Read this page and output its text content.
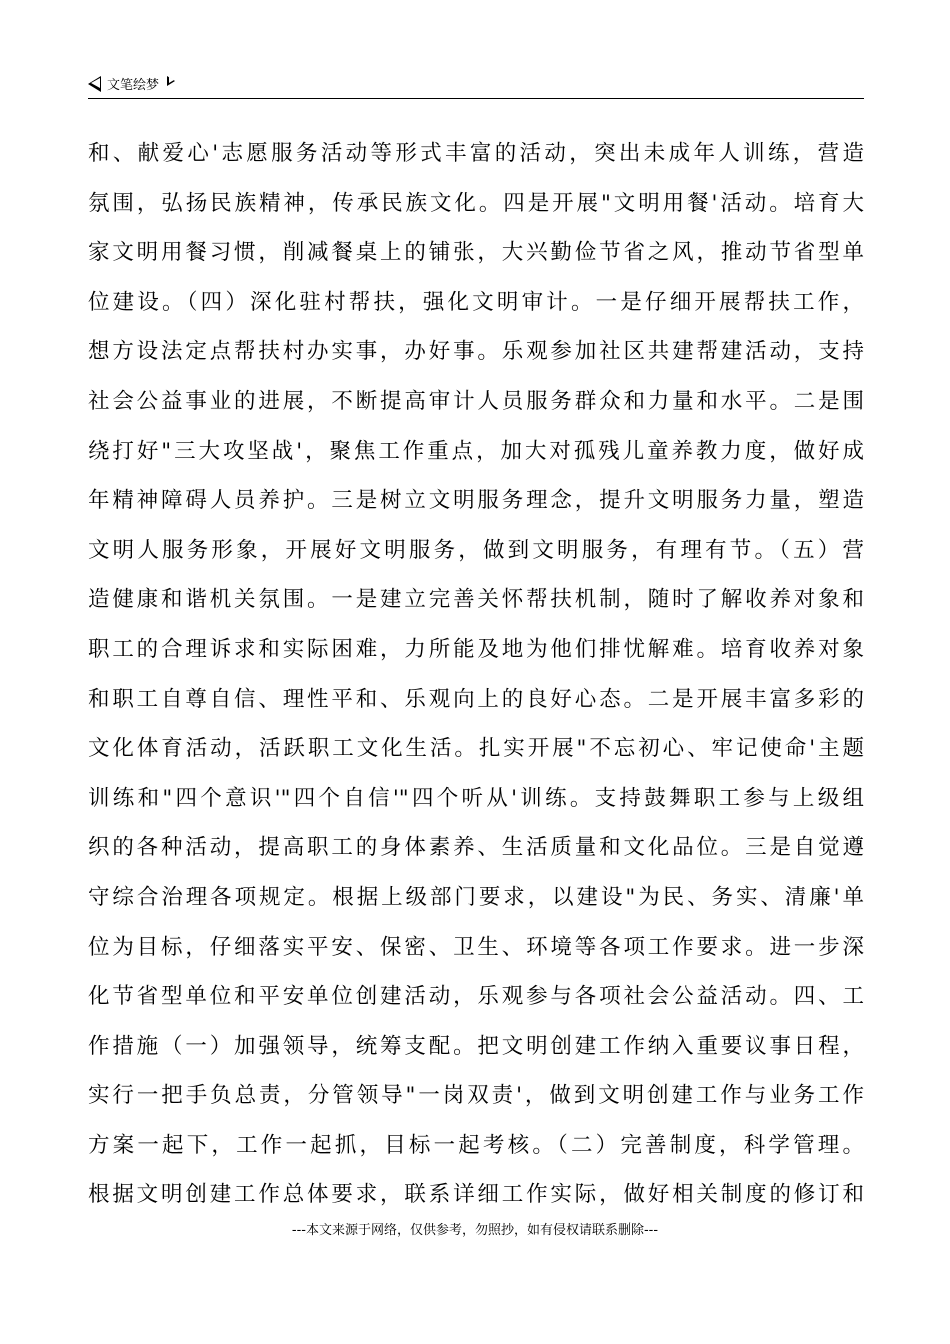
文笔绘梦
和、献爱心'志愿服务活动等形式丰富的活动，突出未成年人训练，营造
氛围，弘扬民族精神，传承民族文化。四是开展"文明用餐'活动。培育大
家文明用餐习惯，削减餐桌上的铺张，大兴勤俭节省之风，推动节省型单
位建设。（四）深化驻村帮扶，强化文明审计。一是仔细开展帮扶工作，
想方设法定点帮扶村办实事，办好事。乐观参加社区共建帮建活动，支持
社会公益事业的进展，不断提高审计人员服务群众和力量和水平。二是围
绕打好"三大攻坚战'，聚焦工作重点，加大对孤残儿童养教力度，做好成
年精神障碍人员养护。三是树立文明服务理念，提升文明服务力量，塑造
文明人服务形象，开展好文明服务，做到文明服务，有理有节。（五）营
造健康和谐机关氛围。一是建立完善关怀帮扶机制，随时了解收养对象和
职工的合理诉求和实际困难，力所能及地为他们排忧解难。培育收养对象
和职工自尊自信、理性平和、乐观向上的良好心态。二是开展丰富多彩的
文化体育活动，活跃职工文化生活。扎实开展"不忘初心、牢记使命'主题
训练和"四个意识'"四个自信'"四个听从'训练。支持鼓舞职工参与上级组
织的各种活动，提高职工的身体素养、生活质量和文化品位。三是自觉遵
守综合治理各项规定。根据上级部门要求，以建设"为民、务实、清廉'单
位为目标，仔细落实平安、保密、卫生、环境等各项工作要求。进一步深
化节省型单位和平安单位创建活动，乐观参与各项社会公益活动。四、工
作措施（一）加强领导，统筹支配。把文明创建工作纳入重要议事日程，
实行一把手负总责，分管领导"一岗双责'，做到文明创建工作与业务工作
方案一起下，工作一起抓，目标一起考核。（二）完善制度，科学管理。
根据文明创建工作总体要求，联系详细工作实际，做好相关制度的修订和
---本文来源于网络，仅供参考，勿照抄，如有侵权请联系删除---
